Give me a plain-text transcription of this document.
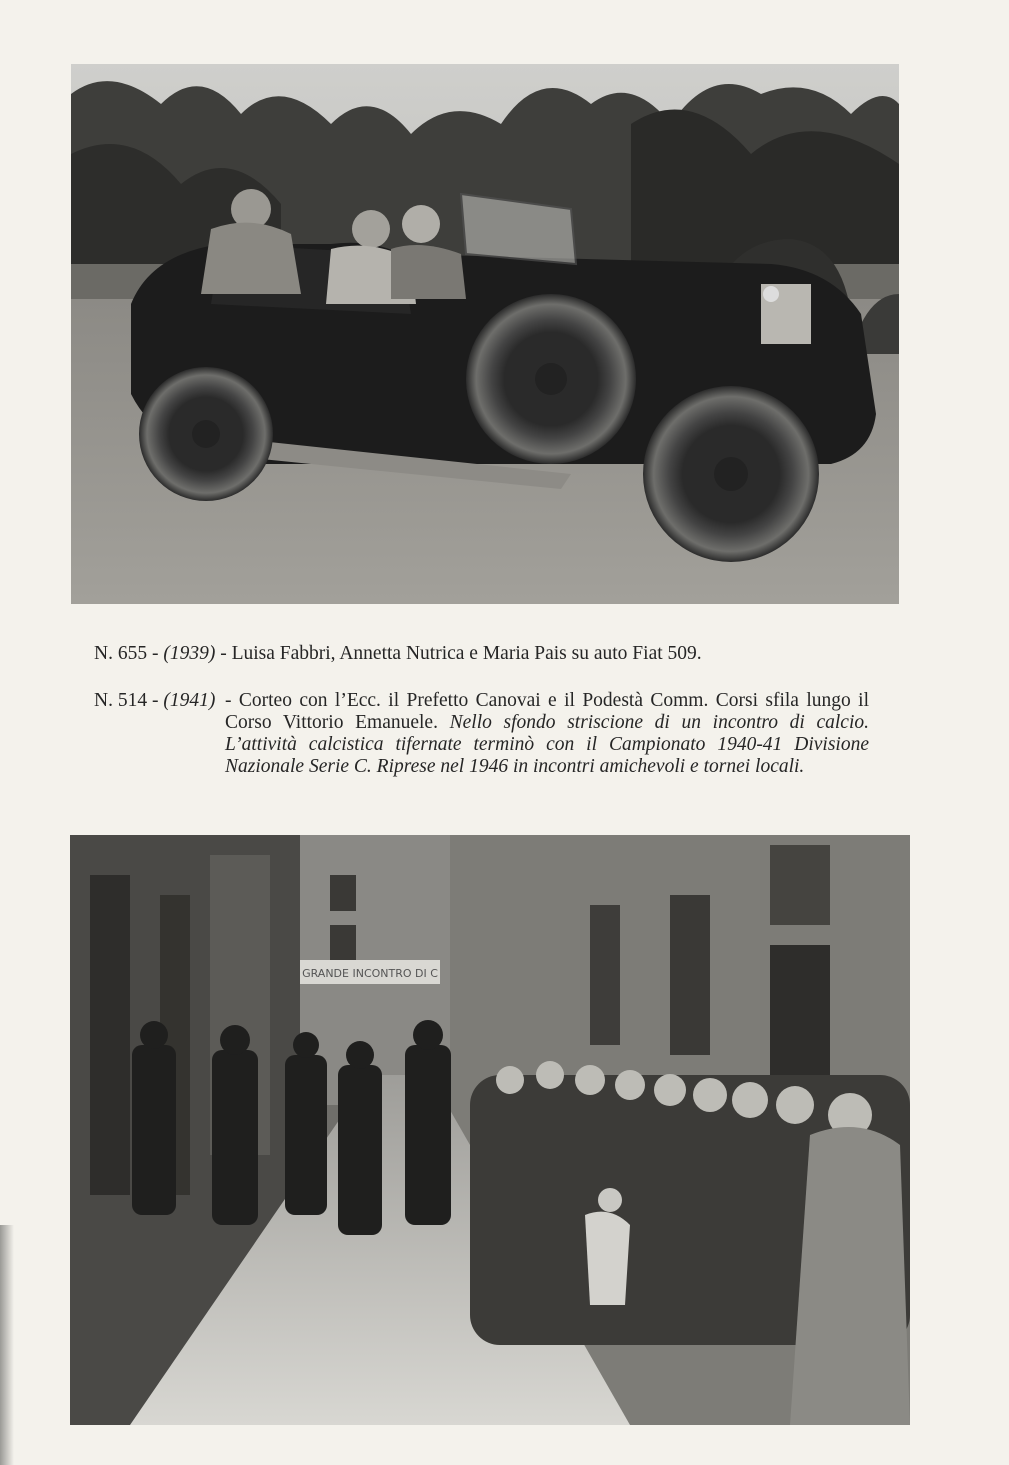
N. 655 - (1939) - Luisa Fabbri, Annetta Nutrica e Maria Pais su auto Fiat 509.
N. 514 - (1941) - Corteo con l’Ecc. il Prefetto Canovai e il Podestà Comm. Corsi sfila lungo il Corso Vittorio Emanuele. Nello sfondo striscione di un incontro di calcio. L’attività calcistica tifernate terminò con il Campionato 1940-41 Divisione Nazionale Serie C. Riprese nel 1946 in incontri amichevoli e tornei locali.
GRANDE INCONTRO DI C
